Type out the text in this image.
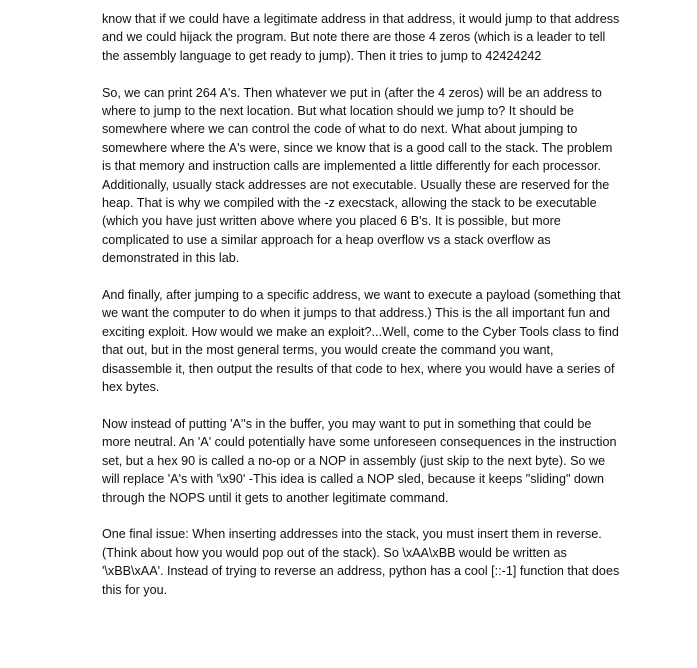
know that if we could have a legitimate address in that address, it would jump to that address and we could hijack the program. But note there are those 4 zeros (which is a leader to tell the assembly language to get ready to jump). Then it tries to jump to 42424242

So, we can print 264 A's. Then whatever we put in (after the 4 zeros) will be an address to where to jump to the next location. But what location should we jump to? It should be somewhere where we can control the code of what to do next. What about jumping to somewhere where the A's were, since we know that is a good call to the stack. The problem is that memory and instruction calls are implemented a little differently for each processor. Additionally, usually stack addresses are not executable. Usually these are reserved for the heap. That is why we compiled with the -z execstack, allowing the stack to be executable (which you have just written above where you placed 6 B's. It is possible, but more complicated to use a similar approach for a heap overflow vs a stack overflow as demonstrated in this lab.

And finally, after jumping to a specific address, we want to execute a payload (something that we want the computer to do when it jumps to that address.) This is the all important fun and exciting exploit. How would we make an exploit?...Well, come to the Cyber Tools class to find that out, but in the most general terms, you would create the command you want, disassemble it, then output the results of that code to hex, where you would have a series of hex bytes.

Now instead of putting 'A''s in the buffer, you may want to put in something that could be more neutral. An 'A' could potentially have some unforeseen consequences in the instruction set, but a hex 90 is called a no-op or a NOP in assembly (just skip to the next byte). So we will replace 'A's with '\x90' -This idea is called a NOP sled, because it keeps "sliding" down through the NOPS until it gets to another legitimate command.

One final issue: When inserting addresses into the stack, you must insert them in reverse. (Think about how you would pop out of the stack). So \xAA\xBB would be written as '\xBB\xAA'. Instead of trying to reverse an address, python has a cool [::-1] function that does this for you.
